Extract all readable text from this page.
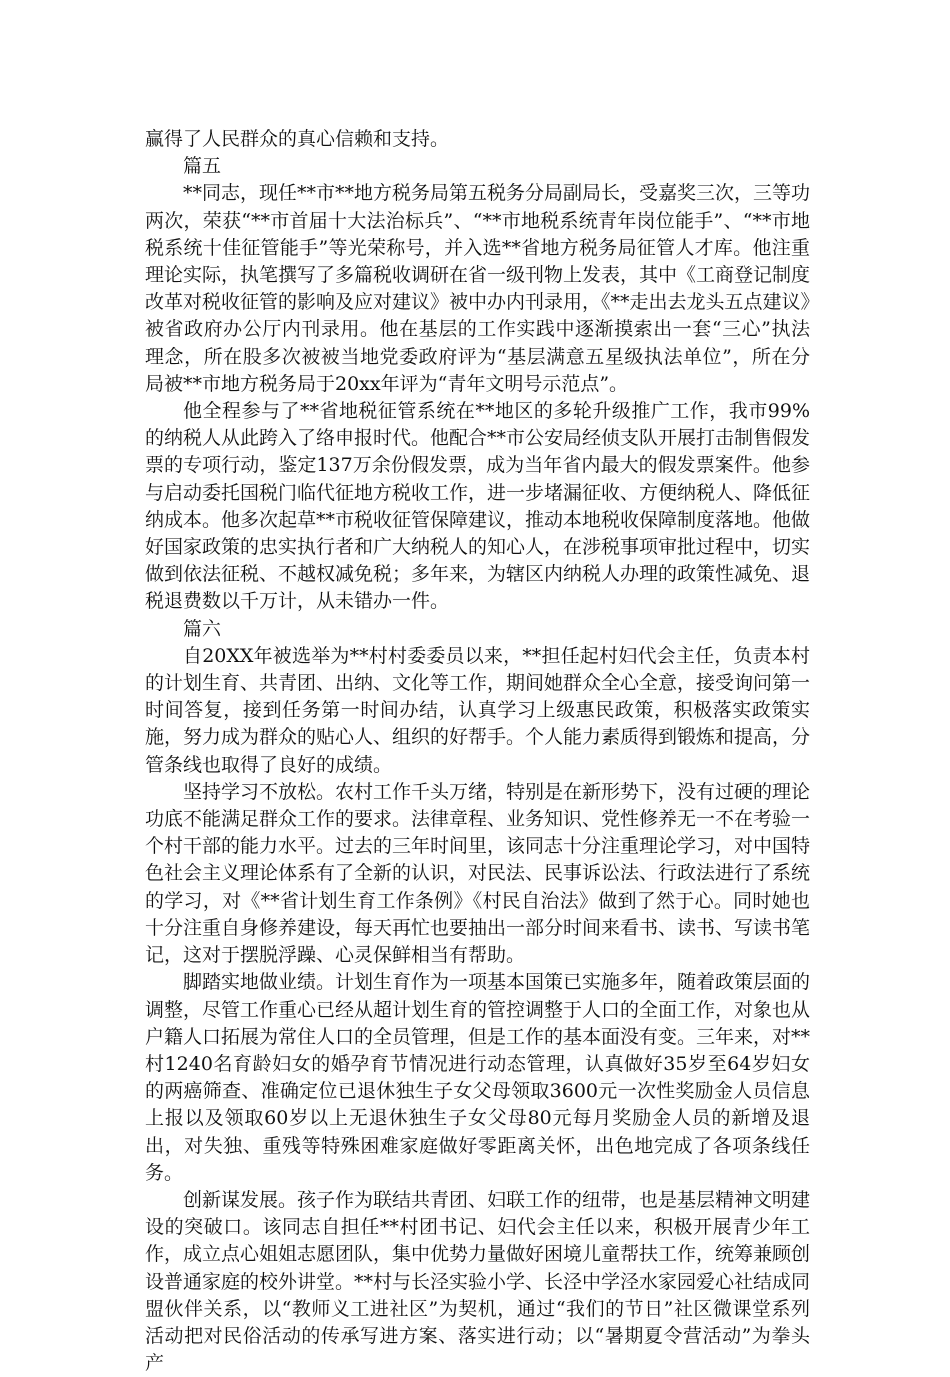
赢得了人民群众的真心信赖和支持。

篇五

**同志，现任**市**地方税务局第五税务分局副局长，受嘉奖三次，三等功两次，荣获“**市首届十大法治标兵”、“**市地税系统青年岗位能手”、“**市地税系统十佳征管能手”等光荣称号，并入选**省地方税务局征管人才库。他注重理论实际，执笔撰写了多篇税收调研在省一级刊物上发表，其中《工商登记制度改革对税收征管的影响及应对建议》被中办内刊录用，《**走出去龙头五点建议》被省政府办公厅内刊录用。他在基层的工作实践中逐渐摸索出一套“三心”执法理念，所在股多次被被当地党委政府评为“基层满意五星级执法单位”，所在分局被**市地方税务局于20xx年评为“青年文明号示范点”。

他全程参与了**省地税征管系统在**地区的多轮升级推广工作，我市99%的纳税人从此跨入了络申报时代。他配合**市公安局经侦支队开展打击制售假发票的专项行动，鉴定137万余份假发票，成为当年省内最大的假发票案件。他参与启动委托国税门临代征地方税收工作，进一步堵漏征收、方便纳税人、降低征纳成本。他多次起草**市税收征管保障建议，推动本地税收保障制度落地。他做好国家政策的忠实执行者和广大纳税人的知心人，在涉税事项审批过程中，切实做到依法征税、不越权减免税；多年来，为辖区内纳税人办理的政策性减免、退税退费数以千万计，从未错办一件。

篇六

自20XX年被选举为**村村委委员以来，**担任起村妇代会主任，负责本村的计划生育、共青团、出纳、文化等工作，期间她群众全心全意，接受询问第一时间答复，接到任务第一时间办结，认真学习上级惠民政策，积极落实政策实施，努力成为群众的贴心人、组织的好帮手。个人能力素质得到锻炼和提高，分管条线也取得了良好的成绩。

坚持学习不放松。农村工作千头万绪，特别是在新形势下，没有过硬的理论功底不能满足群众工作的要求。法律章程、业务知识、党性修养无一不在考验一个村干部的能力水平。过去的三年时间里，该同志十分注重理论学习，对中国特色社会主义理论体系有了全新的认识，对民法、民事诉讼法、行政法进行了系统的学习，对《**省计划生育工作条例》《村民自治法》做到了然于心。同时她也十分注重自身修养建设，每天再忙也要抽出一部分时间来看书、读书、写读书笔记，这对于摆脱浮躁、心灵保鲜相当有帮助。

脚踏实地做业绩。计划生育作为一项基本国策已实施多年，随着政策层面的调整，尽管工作重心已经从超计划生育的管控调整于人口的全面工作，对象也从户籍人口拓展为常住人口的全员管理，但是工作的基本面没有变。三年来，对**村1240名育龄妇女的婚孕育节情况进行动态管理，认真做好35岁至64岁妇女的两癌筛查、准确定位已退休独生子女父母领取3600元一次性奖励金人员信息上报以及领取60岁以上无退休独生子女父母80元每月奖励金人员的新增及退出，对失独、重残等特殊困难家庭做好零距离关怀，出色地完成了各项条线任务。

创新谋发展。孩子作为联结共青团、妇联工作的纽带，也是基层精神文明建设的突破口。该同志自担任**村团书记、妇代会主任以来，积极开展青少年工作，成立点心姐姐志愿团队，集中优势力量做好困境儿童帮扶工作，统筹兼顾创设普通家庭的校外讲堂。**村与长泾实验小学、长泾中学泾水家园爱心社结成同盟伙伴关系，以“教师义工进社区”为契机，通过“我们的节日”社区微课堂系列活动把对民俗活动的传承写进方案、落实进行动；以“暑期夏令营活动”为拳头产
